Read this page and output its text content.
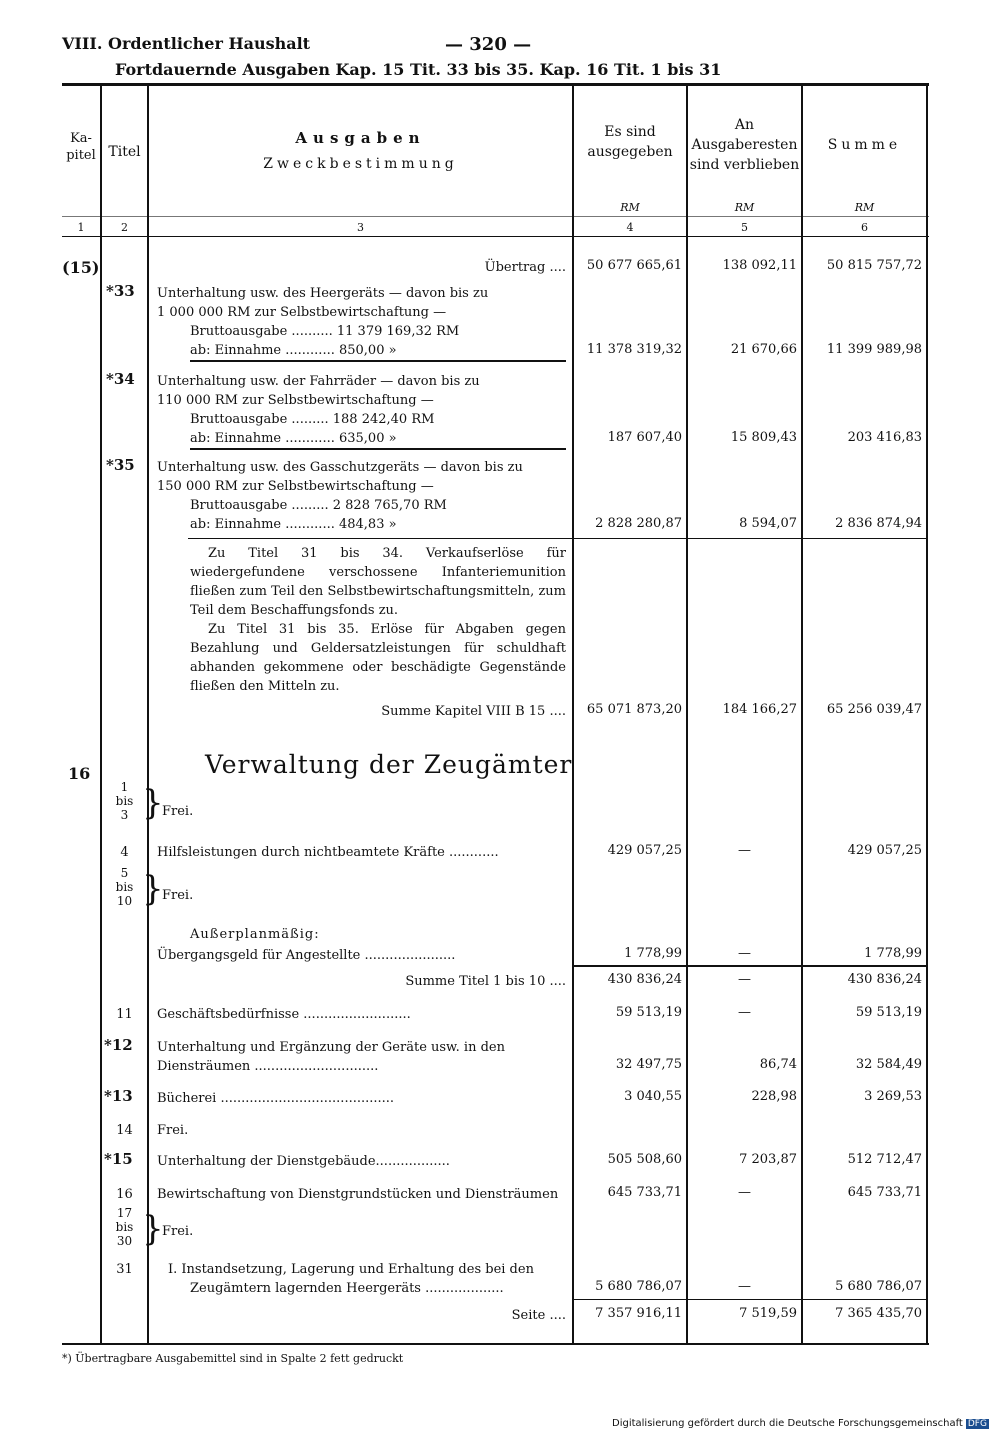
VIII. Ordentlicher Haushalt	— 320 —
Fortdauernde Ausgaben Kap. 15 Tit. 33 bis 35. Kap. 16 Tit. 1 bis 31
Ka-
pitel Titel
Ausgaben
Zweckbestimmung
Es sind
ausgegeben
An
Ausgaberesten
sind verblieben
Summe
RM	RM	RM
1	2	3	4	5	6
(15)	Übertrag ....	50 677 665,61	138 092,11	50 815 757,72
*33 Unterhaltung usw. des Heergeräts — davon bis zu
1 000 000 RM zur Selbstbewirtschaftung —
Bruttoausgabe .......... 11 379 169,32 RM
ab: Einnahme ............ 850,00 »	11 378 319,32	21 670,66	11 399 989,98
*34 Unterhaltung usw. der Fahrräder — davon bis zu
110 000 RM zur Selbstbewirtschaftung —
Bruttoausgabe ......... 188 242,40 RM
ab: Einnahme ............ 635,00 »	187 607,40	15 809,43	203 416,83
*35 Unterhaltung usw. des Gasschutzgeräts — davon bis zu
150 000 RM zur Selbstbewirtschaftung —
Bruttoausgabe ......... 2 828 765,70 RM
ab: Einnahme ............ 484,83 »	2 828 280,87	8 594,07	2 836 874,94
Zu Titel 31 bis 34. Verkaufserlöse für wiedergefundene verschossene Infanteriemunition fließen zum Teil den Selbstbewirtschaftungsmitteln, zum Teil dem Beschaffungsfonds zu.
Zu Titel 31 bis 35. Erlöse für Abgaben gegen Bezahlung und Geldersatzleistungen für schuldhaft abhanden gekommene oder beschädigte Gegenstände fließen den Mitteln zu.
Summe Kapitel VIII B 15 ....	65 071 873,20	184 166,27	65 256 039,47
16	Verwaltung der Zeugämter
1
bis
3 }
Frei.
4	Hilfsleistungen durch nichtbeamtete Kräfte ............	429 057,25	—	429 057,25
5
bis
10 }
Frei.
Außerplanmäßig:
Übergangsgeld für Angestellte ......................	1 778,99	—	1 778,99
Summe Titel 1 bis 10 ....	430 836,24	—	430 836,24
11	Geschäftsbedürfnisse ..........................	59 513,19	—	59 513,19
*12 Unterhaltung und Ergänzung der Geräte usw. in den
Diensträumen ..............................	32 497,75	86,74	32 584,49
*13 Bücherei ..........................................	3 040,55	228,98	3 269,53
14	Frei.
*15 Unterhaltung der Dienstgebäude..................	505 508,60	7 203,87	512 712,47
16	Bewirtschaftung von Dienstgrundstücken und Diensträumen	645 733,71	—	645 733,71
17
bis
30 }
Frei.
31	I. Instandsetzung, Lagerung und Erhaltung des bei den
Zeugämtern lagernden Heergeräts ...................	5 680 786,07	—	5 680 786,07
Seite ....	7 357 916,11	7 519,59	7 365 435,70
*) Übertragbare Ausgabemittel sind in Spalte 2 fett gedruckt
Digitalisierung gefördert durch die Deutsche Forschungsgemeinschaft DFG
